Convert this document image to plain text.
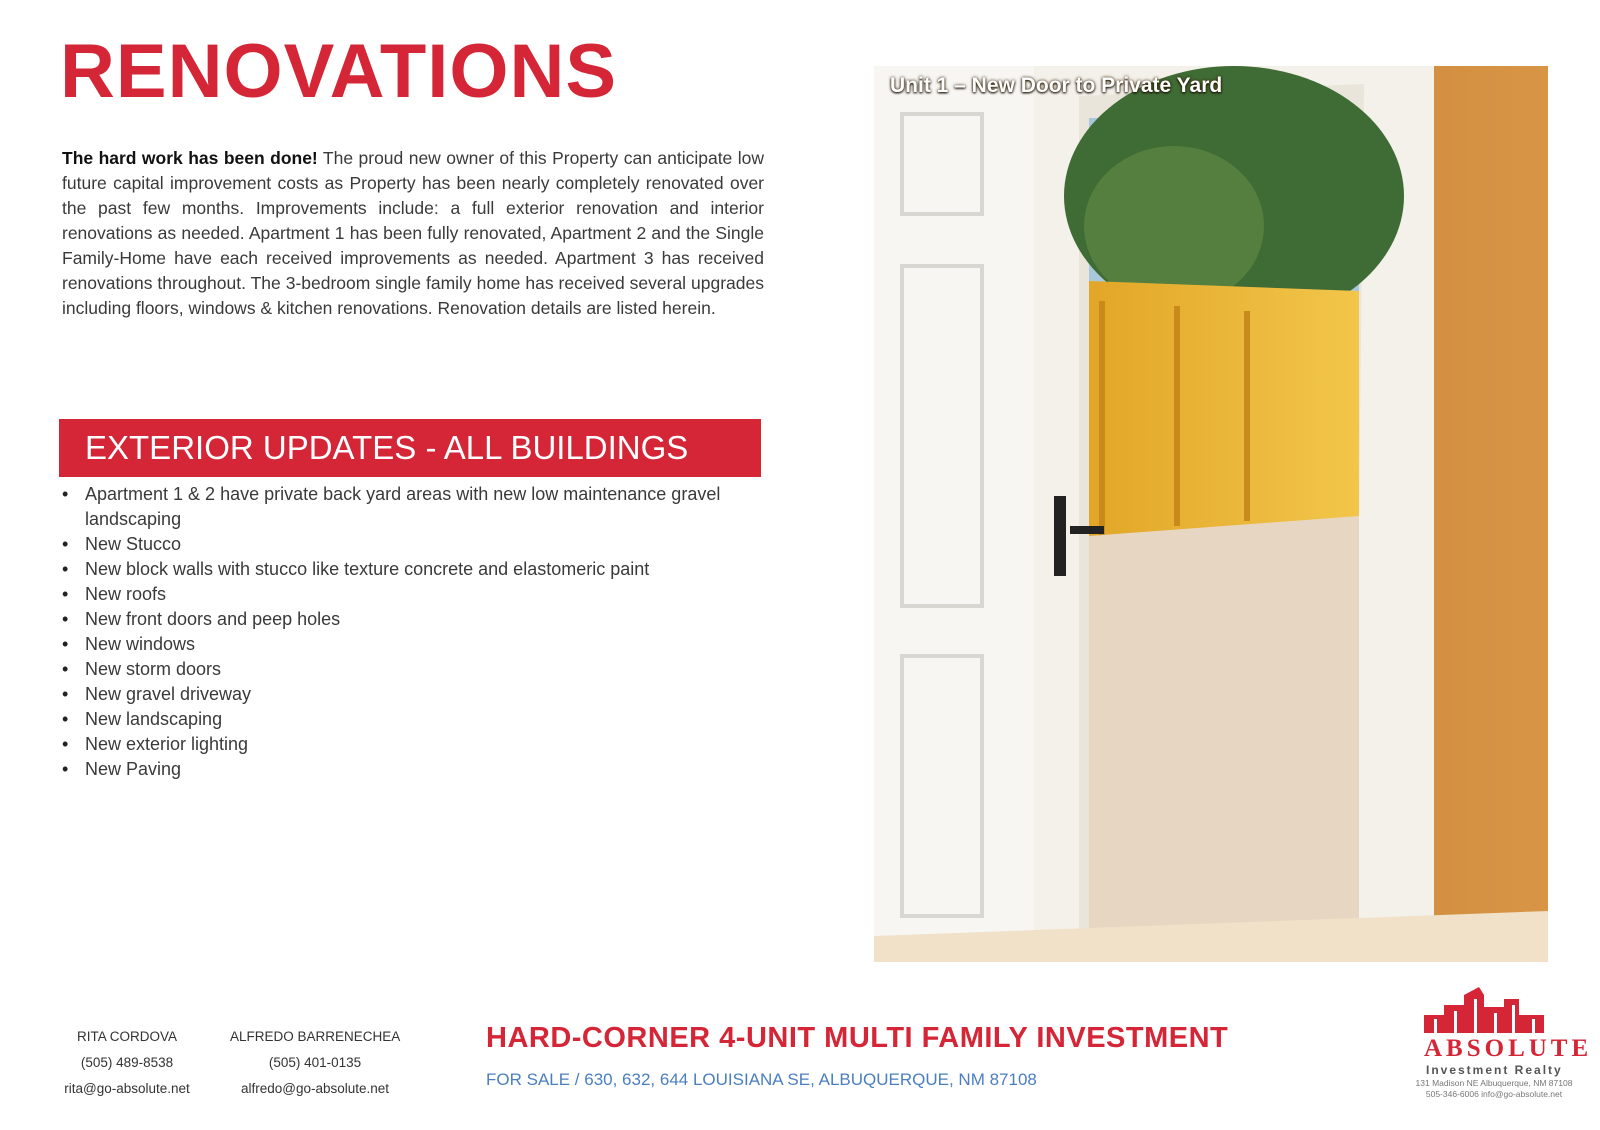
RENOVATIONS
The hard work has been done! The proud new owner of this Property can anticipate low future capital improvement costs as Property has been nearly completely renovated over the past few months. Improvements include: a full exterior renovation and interior renovations as needed. Apartment 1 has been fully renovated, Apartment 2 and the Single Family-Home have each received improvements as needed. Apartment 3 has received renovations throughout. The 3-bedroom single family home has received several upgrades including floors, windows & kitchen renovations. Renovation details are listed herein.
EXTERIOR UPDATES - ALL BUILDINGS
• Apartment 1 & 2 have private back yard areas with new low maintenance gravel landscaping
• New Stucco
• New block walls with stucco like texture concrete and elastomeric paint
• New roofs
• New front doors and peep holes
• New windows
• New storm doors
• New gravel driveway
• New landscaping
• New exterior lighting
• New Paving
Unit 1 – New Door to Private Yard
RITA CORDOVA
(505) 489-8538
rita@go-absolute.net
ALFREDO BARRENECHEA
(505) 401-0135
alfredo@go-absolute.net
HARD-CORNER 4-UNIT MULTI FAMILY INVESTMENT
FOR SALE / 630, 632, 644 LOUISIANA SE, ALBUQUERQUE, NM 87108
ABSOLUTE
Investment Realty
131 Madison NE Albuquerque, NM 87108
505-346-6006 info@go-absolute.net
